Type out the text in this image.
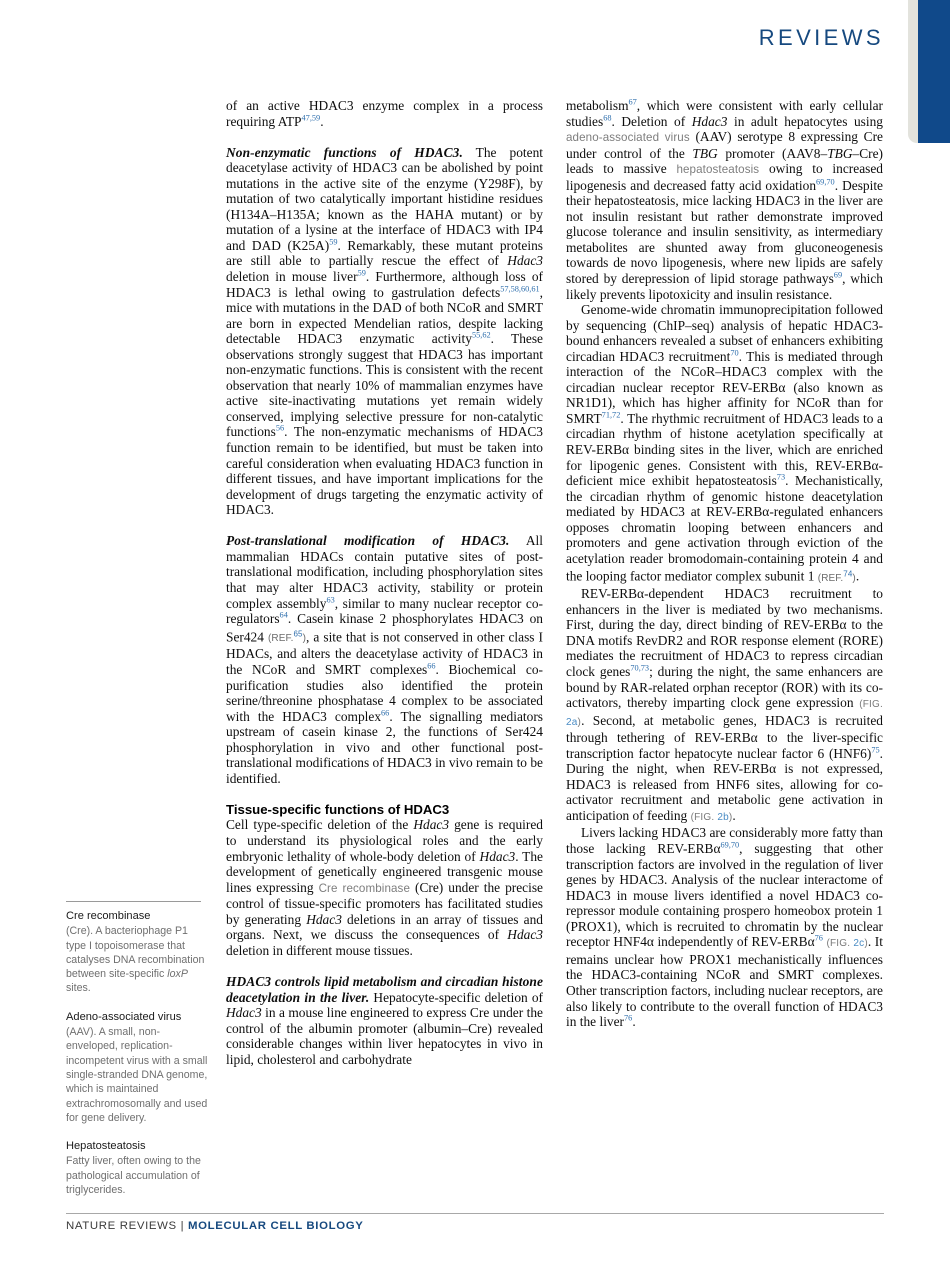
REVIEWS

of an active HDAC3 enzyme complex in a process requiring ATP$^{47,59}$.

Non-enzymatic functions of HDAC3. The potent deacetylase activity of HDAC3 can be abolished by point mutations in the active site of the enzyme (Y298F), by mutation of two catalytically important histidine residues (H134A–H135A; known as the HAHA mutant) or by mutation of a lysine at the interface of HDAC3 with IP4 and DAD (K25A)$^{59}$. Remarkably, these mutant proteins are still able to partially rescue the effect of Hdac3 deletion in mouse liver$^{59}$. Furthermore, although loss of HDAC3 is lethal owing to gastrulation defects$^{57,58,60,61}$, mice with mutations in the DAD of both NCoR and SMRT are born in expected Mendelian ratios, despite lacking detectable HDAC3 enzymatic activity$^{55,62}$. These observations strongly suggest that HDAC3 has important non-enzymatic functions. This is consistent with the recent observation that nearly 10% of mammalian enzymes have active site-inactivating mutations yet remain widely conserved, implying selective pressure for non-catalytic functions$^{56}$. The non-enzymatic mechanisms of HDAC3 function remain to be identified, but must be taken into careful consideration when evaluating HDAC3 function in different tissues, and have important implications for the development of drugs targeting the enzymatic activity of HDAC3.

Post-translational modification of HDAC3. All mammalian HDACs contain putative sites of post-translational modification, including phosphorylation sites that may alter HDAC3 activity, stability or protein complex assembly$^{63}$, similar to many nuclear receptor co-regulators$^{64}$. Casein kinase 2 phosphorylates HDAC3 on Ser424 (REF.$^{65}$), a site that is not conserved in other class I HDACs, and alters the deacetylase activity of HDAC3 in the NCoR and SMRT complexes$^{66}$. Biochemical co-purification studies also identified the protein serine/threonine phosphatase 4 complex to be associated with the HDAC3 complex$^{66}$. The signalling mediators upstream of casein kinase 2, the functions of Ser424 phosphorylation in vivo and other functional post-translational modifications of HDAC3 in vivo remain to be identified.

Tissue-specific functions of HDAC3

Cell type-specific deletion of the Hdac3 gene is required to understand its physiological roles and the early embryonic lethality of whole-body deletion of Hdac3. The development of genetically engineered transgenic mouse lines expressing Cre recombinase (Cre) under the precise control of tissue-specific promoters has facilitated studies by generating Hdac3 deletions in an array of tissues and organs. Next, we discuss the consequences of Hdac3 deletion in different mouse tissues.

HDAC3 controls lipid metabolism and circadian histone deacetylation in the liver. Hepatocyte-specific deletion of Hdac3 in a mouse line engineered to express Cre under the control of the albumin promoter (albumin–Cre) revealed considerable changes within liver hepatocytes in vivo in lipid, cholesterol and carbohydrate

metabolism$^{67}$, which were consistent with early cellular studies$^{68}$. Deletion of Hdac3 in adult hepatocytes using adeno-associated virus (AAV) serotype 8 expressing Cre under control of the TBG promoter (AAV8–TBG–Cre) leads to massive hepatosteatosis owing to increased lipogenesis and decreased fatty acid oxidation$^{69,70}$. Despite their hepatosteatosis, mice lacking HDAC3 in the liver are not insulin resistant but rather demonstrate improved glucose tolerance and insulin sensitivity, as intermediary metabolites are shunted away from gluconeogenesis towards de novo lipogenesis, where new lipids are safely stored by derepression of lipid storage pathways$^{69}$, which likely prevents lipotoxicity and insulin resistance.

Genome-wide chromatin immunoprecipitation followed by sequencing (ChIP–seq) analysis of hepatic HDAC3-bound enhancers revealed a subset of enhancers exhibiting circadian HDAC3 recruitment$^{70}$. This is mediated through interaction of the NCoR–HDAC3 complex with the circadian nuclear receptor REV-ERBα (also known as NR1D1), which has higher affinity for NCoR than for SMRT$^{71,72}$. The rhythmic recruitment of HDAC3 leads to a circadian rhythm of histone acetylation specifically at REV-ERBα binding sites in the liver, which are enriched for lipogenic genes. Consistent with this, REV-ERBα-deficient mice exhibit hepatosteatosis$^{73}$. Mechanistically, the circadian rhythm of genomic histone deacetylation mediated by HDAC3 at REV-ERBα-regulated enhancers opposes chromatin looping between enhancers and promoters and gene activation through eviction of the acetylation reader bromodomain-containing protein 4 and the looping factor mediator complex subunit 1 (REF.$^{74}$).

REV-ERBα-dependent HDAC3 recruitment to enhancers in the liver is mediated by two mechanisms. First, during the day, direct binding of REV-ERBα to the DNA motifs RevDR2 and ROR response element (RORE) mediates the recruitment of HDAC3 to repress circadian clock genes$^{70,73}$; during the night, the same enhancers are bound by RAR-related orphan receptor (ROR) with its co-activators, thereby imparting clock gene expression (FIG. 2a). Second, at metabolic genes, HDAC3 is recruited through tethering of REV-ERBα to the liver-specific transcription factor hepatocyte nuclear factor 6 (HNF6)$^{75}$. During the night, when REV-ERBα is not expressed, HDAC3 is released from HNF6 sites, allowing for co-activator recruitment and metabolic gene activation in anticipation of feeding (FIG. 2b).

Livers lacking HDAC3 are considerably more fatty than those lacking REV-ERBα$^{69,70}$, suggesting that other transcription factors are involved in the regulation of liver genes by HDAC3. Analysis of the nuclear interactome of HDAC3 in mouse livers identified a novel HDAC3 co-repressor module containing prospero homeobox protein 1 (PROX1), which is recruited to chromatin by the nuclear receptor HNF4α independently of REV-ERBα$^{76}$ (FIG. 2c). It remains unclear how PROX1 mechanistically influences the HDAC3-containing NCoR and SMRT complexes. Other transcription factors, including nuclear receptors, are also likely to contribute to the overall function of HDAC3 in the liver$^{76}$.

Cre recombinase
(Cre). A bacteriophage P1 type I topoisomerase that catalyses DNA recombination between site-specific loxP sites.
Adeno-associated virus
(AAV). A small, non-enveloped, replication-incompetent virus with a small single-stranded DNA genome, which is maintained extrachromosomally and used for gene delivery.
Hepatosteatosis
Fatty liver, often owing to the pathological accumulation of triglycerides.
NATURE REVIEWS | MOLECULAR CELL BIOLOGY
